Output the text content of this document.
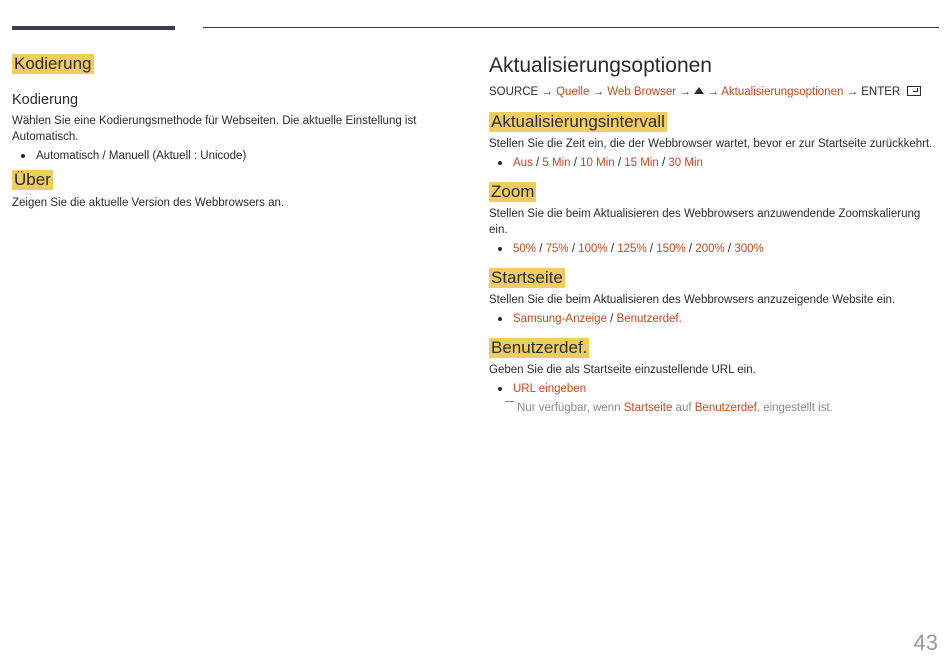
Kodierung
Kodierung

Wählen Sie eine Kodierungsmethode für Webseiten. Die aktuelle Einstellung ist Automatisch.

Automatisch / Manuell (Aktuell : Unicode)

Über

Zeigen Sie die aktuelle Version des Webbrowsers an.

Aktualisierungsoptionen

SOURCE → Quelle → Web Browser → → Aktualisierungsoptionen → ENTER

Aktualisierungsintervall

Stellen Sie die Zeit ein, die der Webbrowser wartet, bevor er zur Startseite zurückkehrt.

Aus / 5 Min / 10 Min / 15 Min / 30 Min

Zoom

Stellen Sie die beim Aktualisieren des Webbrowsers anzuwendende Zoomskalierung ein.

50% / 75% / 100% / 125% / 150% / 200% / 300%

Startseite

Stellen Sie die beim Aktualisieren des Webbrowsers anzuzeigende Website ein.

Samsung-Anzeige / Benutzerdef.

Benutzerdef.

Geben Sie die als Startseite einzustellende URL ein.

URL eingeben

Nur verfügbar, wenn Startseite auf Benutzerdef. eingestellt ist.

43
